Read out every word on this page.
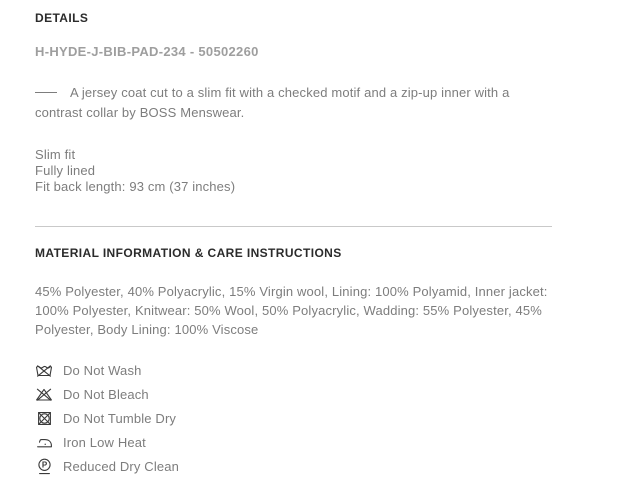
DETAILS
H-HYDE-J-BIB-PAD-234 - 50502260

A jersey coat cut to a slim fit with a checked motif and a zip-up inner with a contrast collar by BOSS Menswear.

Slim fit
Fully lined
Fit back length: 93 cm (37 inches)
MATERIAL INFORMATION & CARE INSTRUCTIONS

45% Polyester, 40% Polyacrylic, 15% Virgin wool, Lining: 100% Polyamid, Inner jacket: 100% Polyester, Knitwear: 50% Wool, 50% Polyacrylic, Wadding: 55% Polyester, 45% Polyester, Body Lining: 100% Viscose

Do Not Wash
Do Not Bleach
Do Not Tumble Dry
Iron Low Heat
P Reduced Dry Clean
